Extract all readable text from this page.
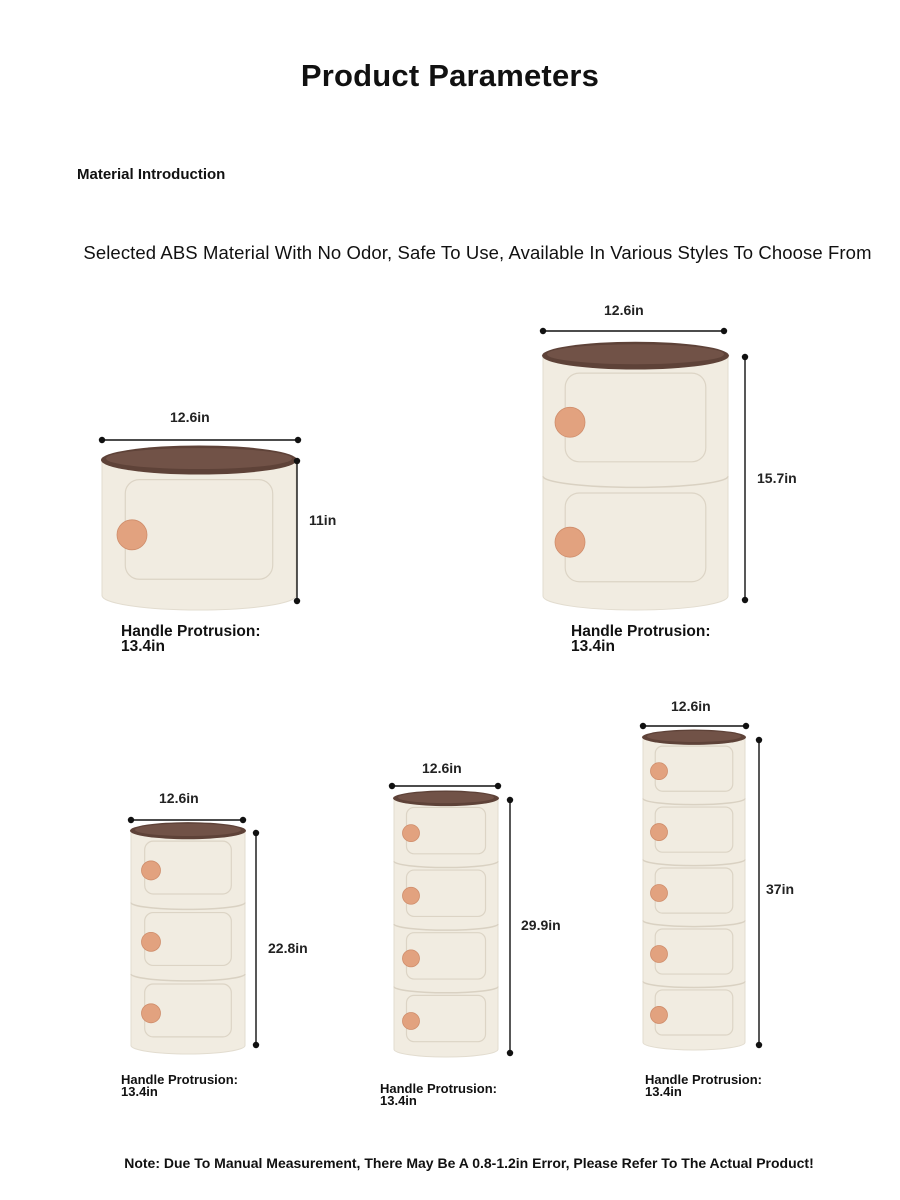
Product Parameters
Material Introduction
Selected ABS Material With No Odor, Safe To Use, Available In Various Styles To Choose From
12.6in
11in
Handle Protrusion:
13.4in
12.6in
15.7in
Handle Protrusion:
13.4in
12.6in
22.8in
Handle Protrusion:
13.4in
12.6in
29.9in
Handle Protrusion:
13.4in
12.6in
37in
Handle Protrusion:
13.4in
Note: Due To Manual Measurement, There May Be A 0.8-1.2in Error, Please Refer To The Actual Product!
